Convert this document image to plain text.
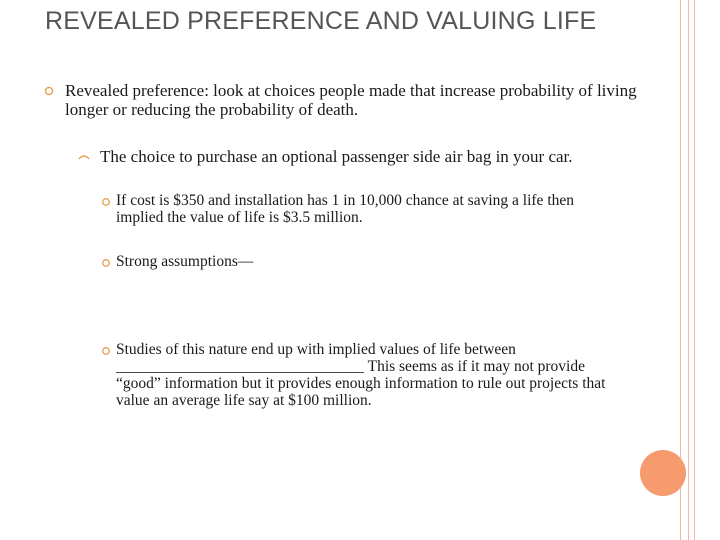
REVEALED PREFERENCE AND VALUING LIFE
Revealed preference: look at choices people made that increase probability of living longer or reducing the probability of death.
The choice to purchase an optional passenger side air bag in your car.
If cost is $350 and installation has 1 in 10,000 chance at saving a life then implied the value of life is $3.5 million.
Strong assumptions—
Studies of this nature end up with implied values of life between ________________________________ This seems as if it may not provide “good” information but it provides enough information to rule out projects that value an average life say at $100 million.
